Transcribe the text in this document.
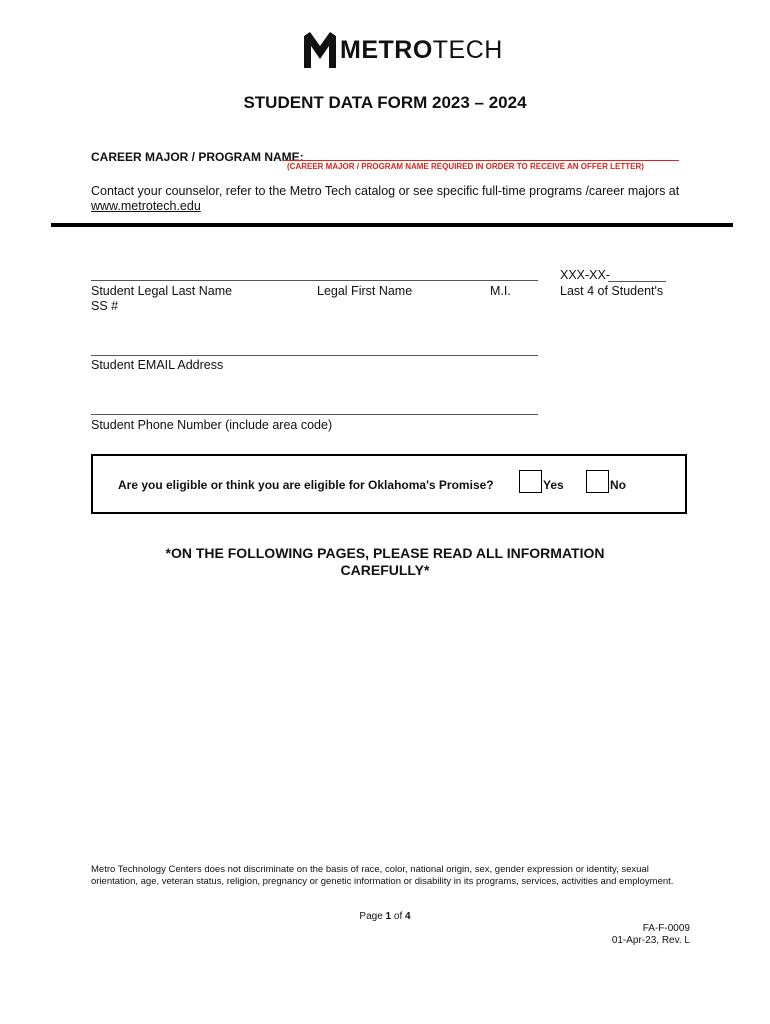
METROTECH
STUDENT DATA FORM 2023 – 2024
CAREER MAJOR / PROGRAM NAME:
(CAREER MAJOR / PROGRAM NAME REQUIRED IN ORDER TO RECEIVE AN OFFER LETTER)
Contact your counselor, refer to the Metro Tech catalog or see specific full-time programs /career majors at
www.metrotech.edu
XXX-XX-
Student Legal Last Name	Legal First Name	M.I.	Last 4 of Student's
SS #
Student EMAIL Address
Student Phone Number (include area code)
Are you eligible or think you are eligible for Oklahoma's Promise?	Yes	No
*ON THE FOLLOWING PAGES, PLEASE READ ALL INFORMATION
CAREFULLY*
Metro Technology Centers does not discriminate on the basis of race, color, national origin, sex, gender expression or identity, sexual orientation, age, veteran status, religion, pregnancy or genetic information or disability in its programs, services, activities and employment.
Page 1 of 4
FA-F-0009
01-Apr-23, Rev. L
